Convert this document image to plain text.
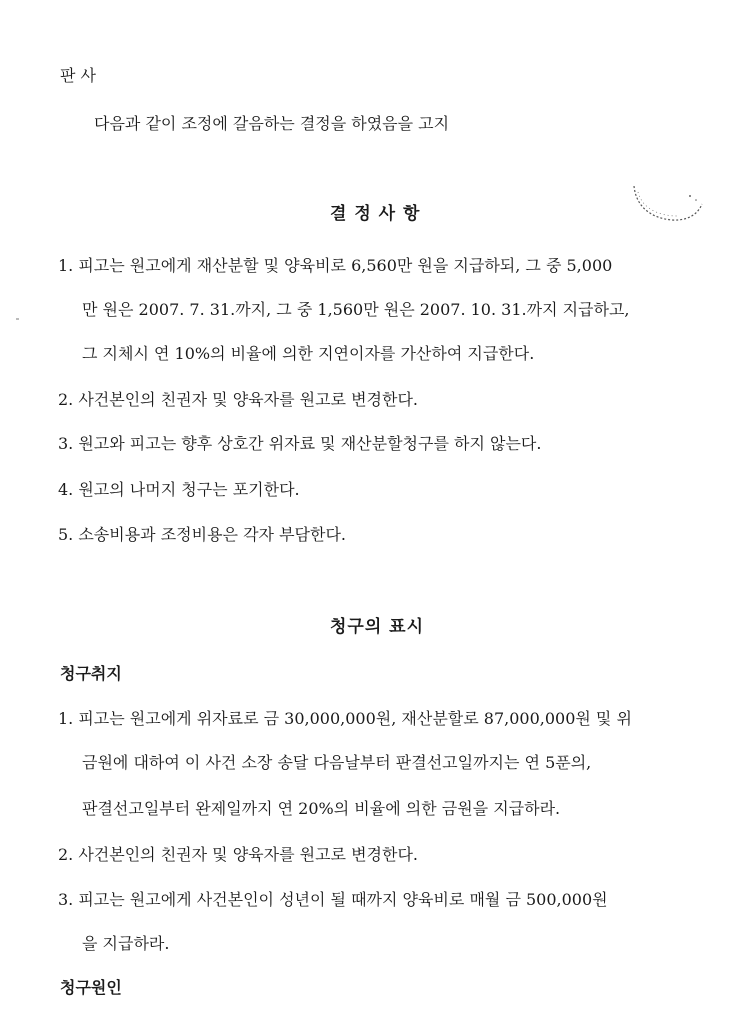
판 사
다음과 같이 조정에 갈음하는 결정을 하였음을 고지
결 정 사 항
1. 피고는 원고에게 재산분할 및 양육비로 6,560만 원을 지급하되, 그 중 5,000
만 원은 2007. 7. 31.까지, 그 중 1,560만 원은 2007. 10. 31.까지 지급하고,
그 지체시 연 10%의 비율에 의한 지연이자를 가산하여 지급한다.
2. 사건본인의 친권자 및 양육자를 원고로 변경한다.
3. 원고와 피고는 향후 상호간 위자료 및 재산분할청구를 하지 않는다.
4. 원고의 나머지 청구는 포기한다.
5. 소송비용과 조정비용은 각자 부담한다.
청구의 표시
청구취지
1. 피고는 원고에게 위자료로 금 30,000,000원, 재산분할로 87,000,000원 및 위
금원에 대하여 이 사건 소장 송달 다음날부터 판결선고일까지는 연 5푼의,
판결선고일부터 완제일까지 연 20%의 비율에 의한 금원을 지급하라.
2. 사건본인의 친권자 및 양육자를 원고로 변경한다.
3. 피고는 원고에게 사건본인이 성년이 될 때까지 양육비로 매월 금 500,000원
을 지급하라.
청구원인
